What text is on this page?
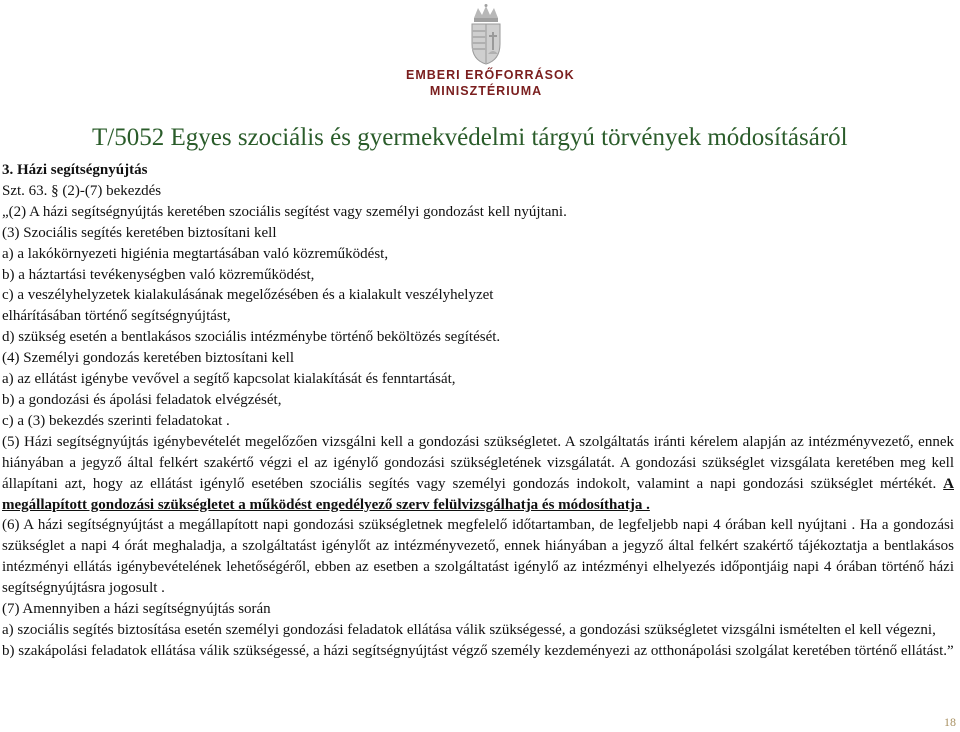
EMBERI ERŐFORRÁSOK
MINISZTÉRIUMA
T/5052 Egyes szociális és gyermekvédelmi tárgyú törvények módosításáról
3. Házi segítségnyújtás
Szt. 63. § (2)-(7) bekezdés
„(2) A házi segítségnyújtás keretében szociális segítést vagy személyi gondozást kell nyújtani.
(3) Szociális segítés keretében biztosítani kell
a) a lakókörnyezeti higiénia megtartásában való közreműködést,
b) a háztartási tevékenységben való közreműködést,
c) a veszélyhelyzetek kialakulásának megelőzésében és a kialakult veszélyhelyzet
elhárításában történő segítségnyújtást,
d) szükség esetén a bentlakásos szociális intézménybe történő beköltözés segítését.
(4) Személyi gondozás keretében biztosítani kell
a) az ellátást igénybe vevővel a segítő kapcsolat kialakítását és fenntartását,
b) a gondozási és ápolási feladatok elvégzését,
c) a (3) bekezdés szerinti feladatokat .

(5) Házi segítségnyújtás igénybevételét megelőzően vizsgálni kell a gondozási szükségletet. A szolgáltatás iránti kérelem alapján az intézményvezető, ennek hiányában a jegyző által felkért szakértő végzi el az igénylő gondozási szükségletének vizsgálatát. A gondozási szükséglet vizsgálata keretében meg kell állapítani azt, hogy az ellátást igénylő esetében szociális segítés vagy személyi gondozás indokolt, valamint a napi gondozási szükséglet mértékét. A megállapított gondozási szükségletet a működést engedélyező szerv felülvizsgálhatja és módosíthatja .

(6) A házi segítségnyújtást a megállapított napi gondozási szükségletnek megfelelő időtartamban, de legfeljebb napi 4 órában kell nyújtani . Ha a gondozási szükséglet a napi 4 órát meghaladja, a szolgáltatást igénylőt az intézményvezető, ennek hiányában a jegyző által felkért szakértő tájékoztatja a bentlakásos intézményi ellátás igénybevételének lehetőségéről, ebben az esetben a szolgáltatást igénylő az intézményi elhelyezés időpontjáig napi 4 órában történő házi segítségnyújtásra jogosult .

(7) Amennyiben a házi segítségnyújtás során

a) szociális segítés biztosítása esetén személyi gondozási feladatok ellátása válik szükségessé, a gondozási szükségletet vizsgálni ismételten el kell végezni,

b) szakápolási feladatok ellátása válik szükségessé, a házi segítségnyújtást végző személy kezdeményezi az otthonápolási szolgálat keretében történő ellátást.”

18
